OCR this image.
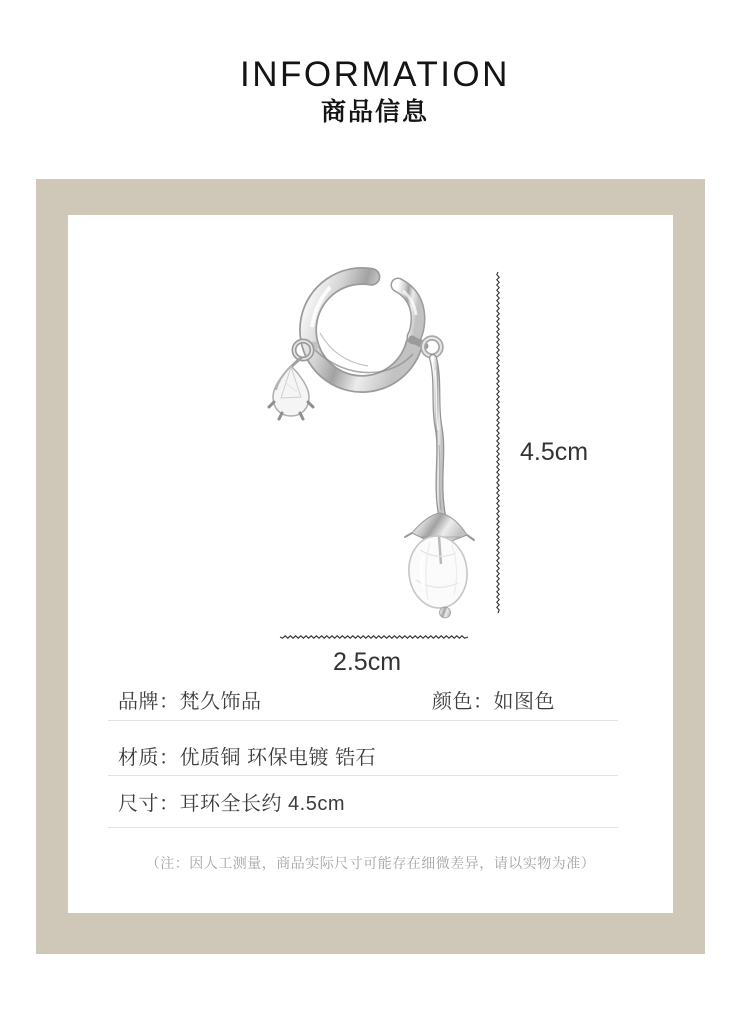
INFORMATION
商品信息
4.5cm
2.5cm
品牌：梵久饰品	颜色：如图色
材质：优质铜 环保电镀 锆石
尺寸：耳环全长约 4.5cm
（注：因人工测量，商品实际尺寸可能存在细微差异，请以实物为准）
